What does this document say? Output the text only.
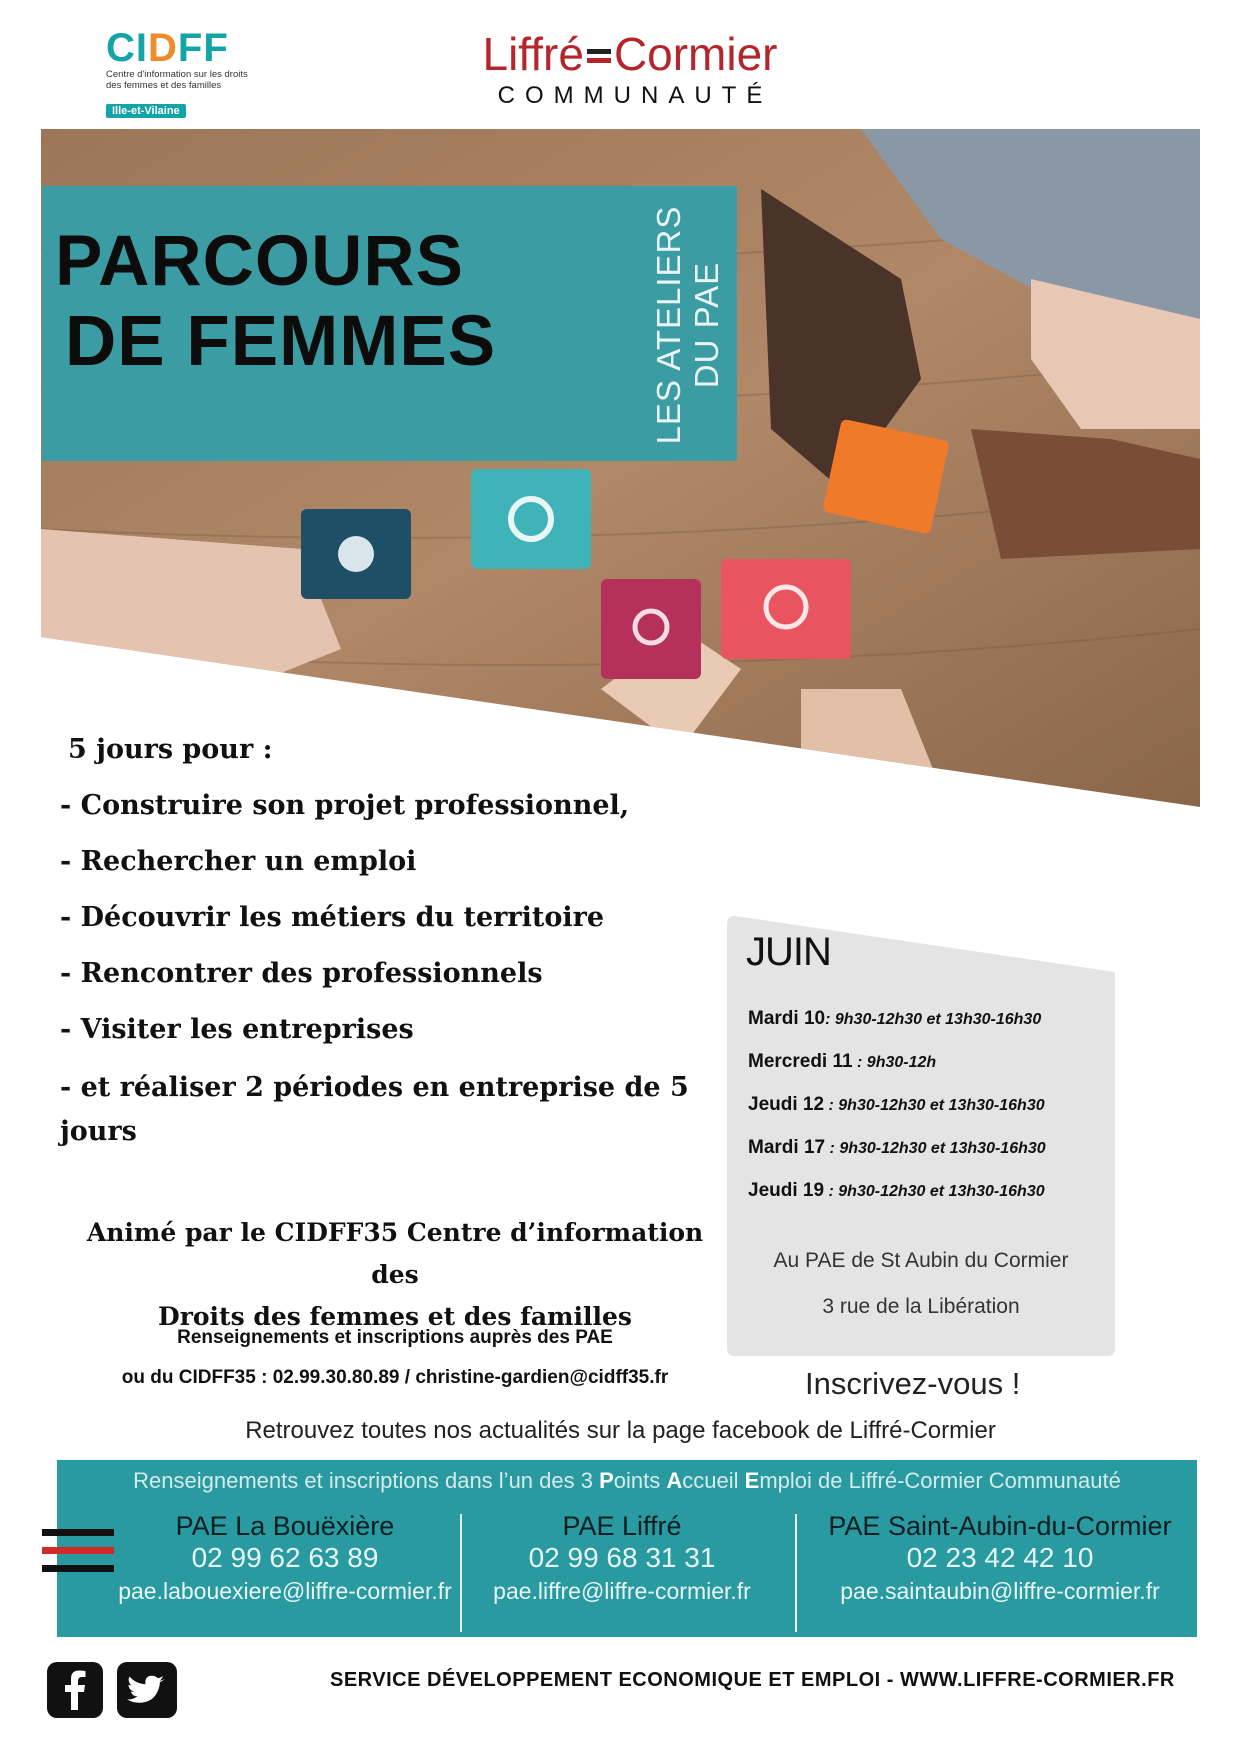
CIDFF
Centre d'information sur les droits des femmes et des familles
Ille-et-Vilaine
Liffré Cormier
COMMUNAUTÉ
PARCOURS
DE FEMMES	LES ATELIERS DU PAE
5 jours pour :
- Construire son projet professionnel,
- Rechercher un emploi
- Découvrir les métiers du territoire
- Rencontrer des professionnels
- Visiter les entreprises
- et réaliser 2 périodes en entreprise de 5 jours
Animé par le CIDFF35 Centre d’information des
Droits des femmes et des familles
Renseignements et inscriptions auprès des PAE
ou du CIDFF35 : 02.99.30.80.89 / christine-gardien@cidff35.fr
JUIN
Mardi 10: 9h30-12h30 et 13h30-16h30
Mercredi 11 : 9h30-12h
Jeudi 12 : 9h30-12h30 et 13h30-16h30
Mardi 17 : 9h30-12h30 et 13h30-16h30
Jeudi 19 : 9h30-12h30 et 13h30-16h30
Au PAE de St Aubin du Cormier
3 rue de la Libération
Inscrivez-vous !
Retrouvez toutes nos actualités sur la page facebook de Liffré-Cormier
Renseignements et inscriptions dans l’un des 3 Points Accueil Emploi de Liffré-Cormier Communauté
PAE La Bouëxière
02 99 62 63 89
pae.labouexiere@liffre-cormier.fr
PAE Liffré
02 99 68 31 31
pae.liffre@liffre-cormier.fr
PAE Saint-Aubin-du-Cormier
02 23 42 42 10
pae.saintaubin@liffre-cormier.fr
SERVICE DÉVELOPPEMENT ECONOMIQUE ET EMPLOI - WWW.LIFFRE-CORMIER.FR
